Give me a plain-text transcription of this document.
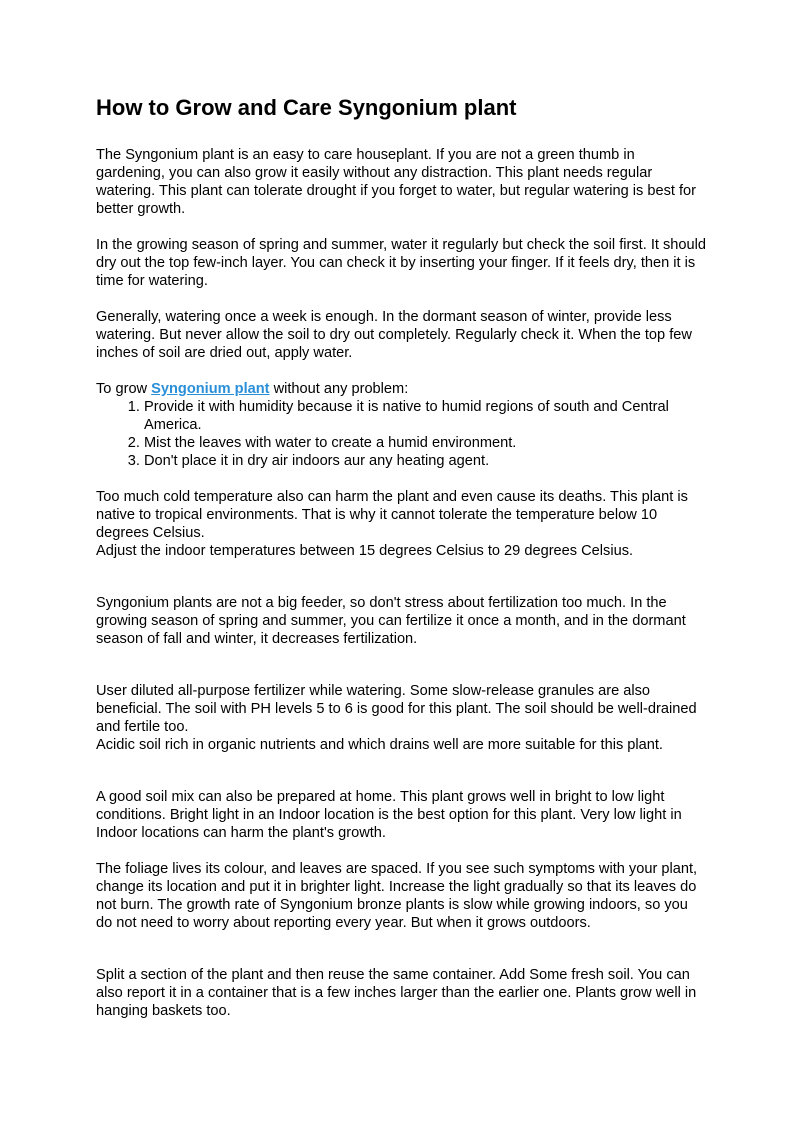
How to Grow and Care Syngonium plant

The Syngonium plant is an easy to care houseplant. If you are not a green thumb in gardening, you can also grow it easily without any distraction. This plant needs regular watering. This plant can tolerate drought if you forget to water, but regular watering is best for better growth.

In the growing season of spring and summer, water it regularly but check the soil first. It should dry out the top few-inch layer. You can check it by inserting your finger. If it feels dry, then it is time for watering.

Generally, watering once a week is enough. In the dormant season of winter, provide less watering. But never allow the soil to dry out completely. Regularly check it. When the top few inches of soil are dried out, apply water.

To grow Syngonium plant without any problem:

1. Provide it with humidity because it is native to humid regions of south and Central America.
2. Mist the leaves with water to create a humid environment.
3. Don't place it in dry air indoors aur any heating agent.

Too much cold temperature also can harm the plant and even cause its deaths. This plant is native to tropical environments. That is why it cannot tolerate the temperature below 10 degrees Celsius.

Adjust the indoor temperatures between 15 degrees Celsius to 29 degrees Celsius.

Syngonium plants are not a big feeder, so don't stress about fertilization too much. In the growing season of spring and summer, you can fertilize it once a month, and in the dormant season of fall and winter, it decreases fertilization.

User diluted all-purpose fertilizer while watering. Some slow-release granules are also beneficial. The soil with PH levels 5 to 6 is good for this plant. The soil should be well-drained and fertile too.

Acidic soil rich in organic nutrients and which drains well are more suitable for this plant.

A good soil mix can also be prepared at home. This plant grows well in bright to low light conditions. Bright light in an Indoor location is the best option for this plant. Very low light in Indoor locations can harm the plant's growth.

The foliage lives its colour, and leaves are spaced. If you see such symptoms with your plant, change its location and put it in brighter light. Increase the light gradually so that its leaves do not burn. The growth rate of Syngonium bronze plants is slow while growing indoors, so you do not need to worry about reporting every year. But when it grows outdoors.

Split a section of the plant and then reuse the same container. Add Some fresh soil. You can also report it in a container that is a few inches larger than the earlier one. Plants grow well in hanging baskets too.
